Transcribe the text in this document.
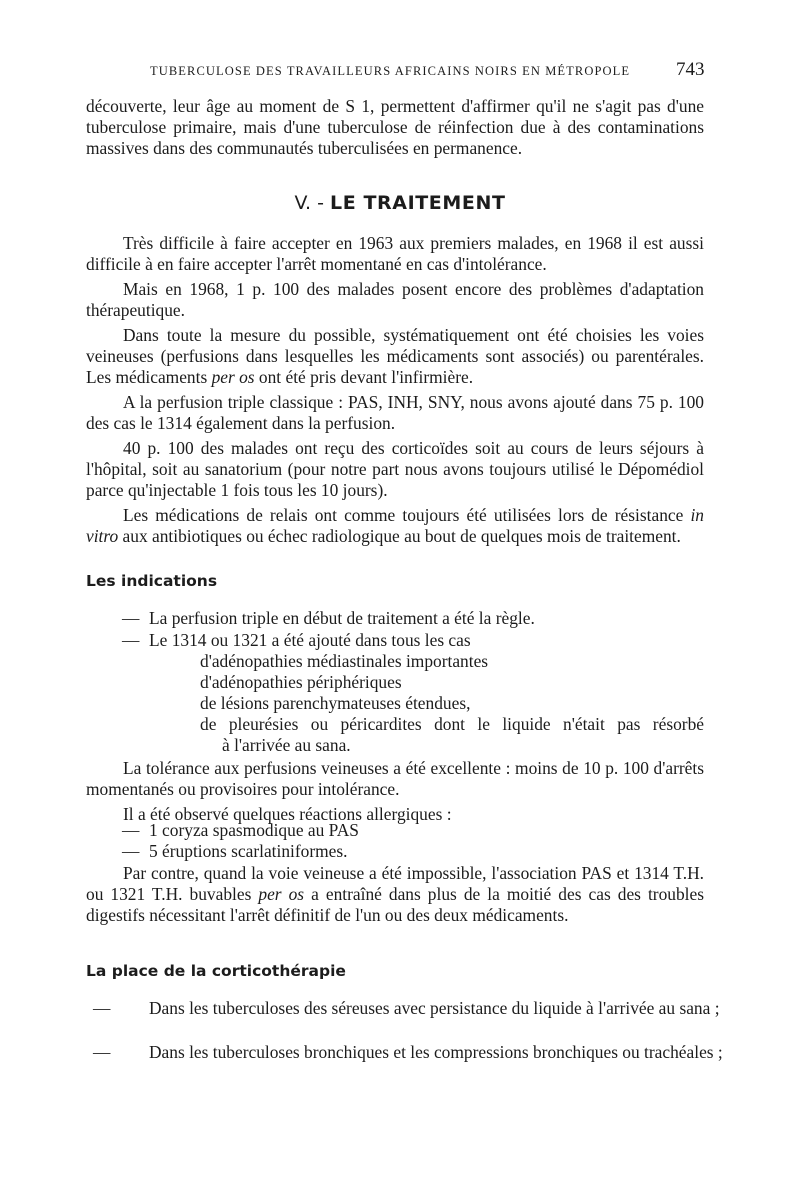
TUBERCULOSE DES TRAVAILLEURS AFRICAINS NOIRS EN MÉTROPOLE	743

découverte, leur âge au moment de S 1, permettent d'affirmer qu'il ne s'agit pas d'une tuberculose primaire, mais d'une tuberculose de réinfection due à des contaminations massives dans des communautés tuberculisées en permanence.

V. - LE TRAITEMENT

Très difficile à faire accepter en 1963 aux premiers malades, en 1968 il est aussi difficile à en faire accepter l'arrêt momentané en cas d'intolérance.

Mais en 1968, 1 p. 100 des malades posent encore des problèmes d'adaptation thérapeutique.

Dans toute la mesure du possible, systématiquement ont été choisies les voies veineuses (perfusions dans lesquelles les médicaments sont associés) ou parentérales. Les médicaments per os ont été pris devant l'infirmière.

A la perfusion triple classique : PAS, INH, SNY, nous avons ajouté dans 75 p. 100 des cas le 1314 également dans la perfusion.

40 p. 100 des malades ont reçu des corticoïdes soit au cours de leurs séjours à l'hôpital, soit au sanatorium (pour notre part nous avons toujours utilisé le Dépomédiol parce qu'injectable 1 fois tous les 10 jours).

Les médications de relais ont comme toujours été utilisées lors de résistance in vitro aux antibiotiques ou échec radiologique au bout de quelques mois de traitement.

Les indications
— La perfusion triple en début de traitement a été la règle.
— Le 1314 ou 1321 a été ajouté dans tous les cas
d'adénopathies médiastinales importantes
d'adénopathies périphériques
de lésions parenchymateuses étendues,
de pleurésies ou péricardites dont le liquide n'était pas résorbé
à l'arrivée au sana.

La tolérance aux perfusions veineuses a été excellente : moins de 10 p. 100 d'arrêts momentanés ou provisoires pour intolérance.

Il a été observé quelques réactions allergiques :

— 1 coryza spasmodique au PAS
— 5 éruptions scarlatiniformes.

Par contre, quand la voie veineuse a été impossible, l'association PAS et 1314 T.H. ou 1321 T.H. buvables per os a entraîné dans plus de la moitié des cas des troubles digestifs nécessitant l'arrêt définitif de l'un ou des deux médicaments.

La place de la corticothérapie
— Dans les tuberculoses des séreuses avec persistance du liquide à l'arrivée au sana ;
— Dans les tuberculoses bronchiques et les compressions bronchiques ou trachéales ;
